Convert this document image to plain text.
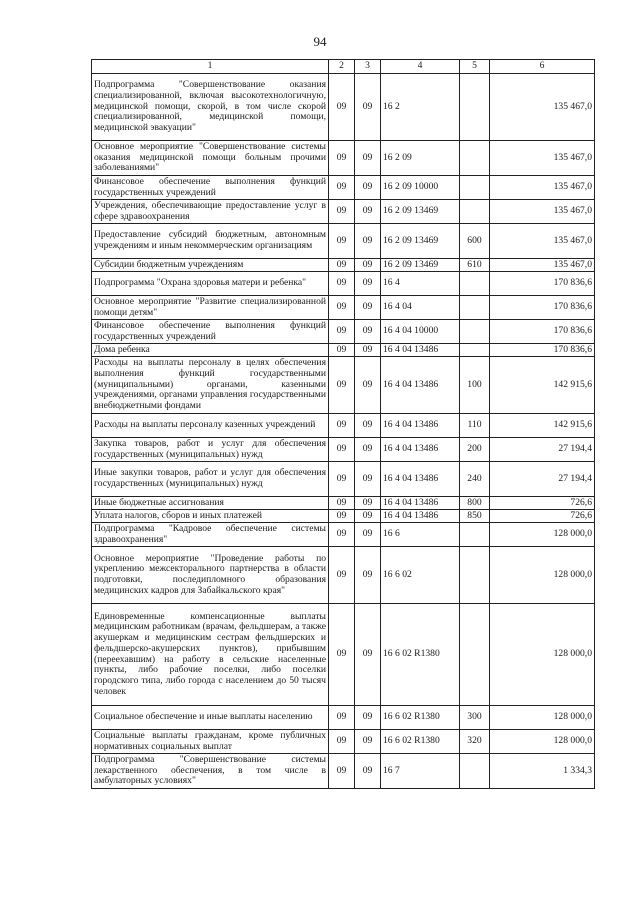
94
1	2	3	4	5	6
Подпрограмма "Совершенствование оказания специализированной, включая высокотехнологичную, медицинской помощи, скорой, в том числе скорой специализированной, медицинской помощи, медицинской эвакуации"	09	09	16 2		135 467,0
Основное мероприятие "Совершенствование системы оказания медицинской помощи больным прочими заболеваниями"	09	09	16 2 09		135 467,0
Финансовое обеспечение выполнения функций государственных учреждений	09	09	16 2 09 10000		135 467,0
Учреждения, обеспечивающие предоставление услуг в сфере здравоохранения	09	09	16 2 09 13469		135 467,0
Предоставление субсидий бюджетным, автономным учреждениям и иным некоммерческим организациям	09	09	16 2 09 13469	600	135 467,0
Субсидии бюджетным учреждениям	09	09	16 2 09 13469	610	135 467,0
Подпрограмма "Охрана здоровья матери и ребенка"	09	09	16 4		170 836,6
Основное мероприятие "Развитие специализированной помощи детям"	09	09	16 4 04		170 836,6
Финансовое обеспечение выполнения функций государственных учреждений	09	09	16 4 04 10000		170 836,6
Дома ребенка	09	09	16 4 04 13486		170 836,6
Расходы на выплаты персоналу в целях обеспечения выполнения функций государственными (муниципальными) органами, казенными учреждениями, органами управления государственными внебюджетными фондами	09	09	16 4 04 13486	100	142 915,6
Расходы на выплаты персоналу казенных учреждений	09	09	16 4 04 13486	110	142 915,6
Закупка товаров, работ и услуг для обеспечения государственных (муниципальных) нужд	09	09	16 4 04 13486	200	27 194,4
Иные закупки товаров, работ и услуг для обеспечения государственных (муниципальных) нужд	09	09	16 4 04 13486	240	27 194,4
Иные бюджетные ассигнования	09	09	16 4 04 13486	800	726,6
Уплата налогов, сборов и иных платежей	09	09	16 4 04 13486	850	726,6
Подпрограмма "Кадровое обеспечение системы здравоохранения"	09	09	16 6		128 000,0
Основное мероприятие "Проведение работы по укреплению межсекторального партнерства в области подготовки, последипломного образования медицинских кадров для Забайкальского края"	09	09	16 6 02		128 000,0
Единовременные компенсационные выплаты медицинским работникам (врачам, фельдшерам, а также акушеркам и медицинским сестрам фельдшерских и фельдшерско-акушерских пунктов), прибывшим (переехавшим) на работу в сельские населенные пункты, либо рабочие поселки, либо поселки городского типа, либо города с населением до 50 тысяч человек	09	09	16 6 02 R1380		128 000,0
Социальное обеспечение и иные выплаты населению	09	09	16 6 02 R1380	300	128 000,0
Социальные выплаты гражданам, кроме публичных нормативных социальных выплат	09	09	16 6 02 R1380	320	128 000,0
Подпрограмма "Совершенствование системы лекарственного обеспечения, в том числе в амбулаторных условиях"	09	09	16 7		1 334,3
